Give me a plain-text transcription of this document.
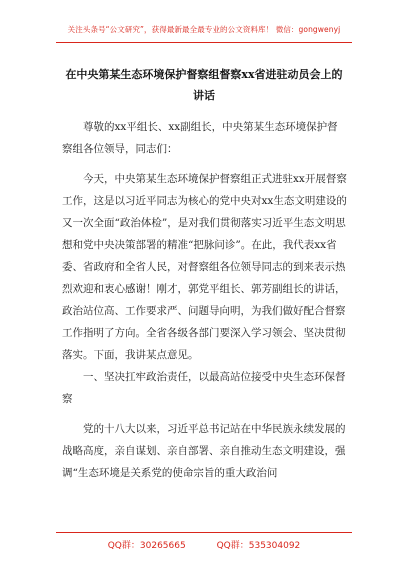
关注头条号“公文研究”，获得最新最全最专业的公文资料库！ 微信：gongwenyj
在中央第某生态环境保护督察组督察xx省进驻动员会上的讲话
尊敬的xx平组长、xx副组长，中央第某生态环境保护督察组各位领导，同志们：
今天，中央第某生态环境保护督察组正式进驻xx开展督察工作，这是以习近平同志为核心的党中央对xx生态文明建设的又一次全面“政治体检”，是对我们贯彻落实习近平生态文明思想和党中央决策部署的精准“把脉问诊”。在此，我代表xx省委、省政府和全省人民，对督察组各位领导同志的到来表示热烈欢迎和衷心感谢！刚才，郭党平组长、郭芳副组长的讲话，政治站位高、工作要求严、问题导向明，为我们做好配合督察工作指明了方向。全省各级各部门要深入学习领会、坚决贯彻落实。下面，我讲某点意见。
一、坚决扛牢政治责任，以最高站位接受中央生态环保督察
党的十八大以来，习近平总书记站在中华民族永续发展的战略高度，亲自谋划、亲自部署、亲自推动生态文明建设，强调“生态环境是关系党的使命宗旨的重大政治问
QQ群：30265665	QQ群：535304092
